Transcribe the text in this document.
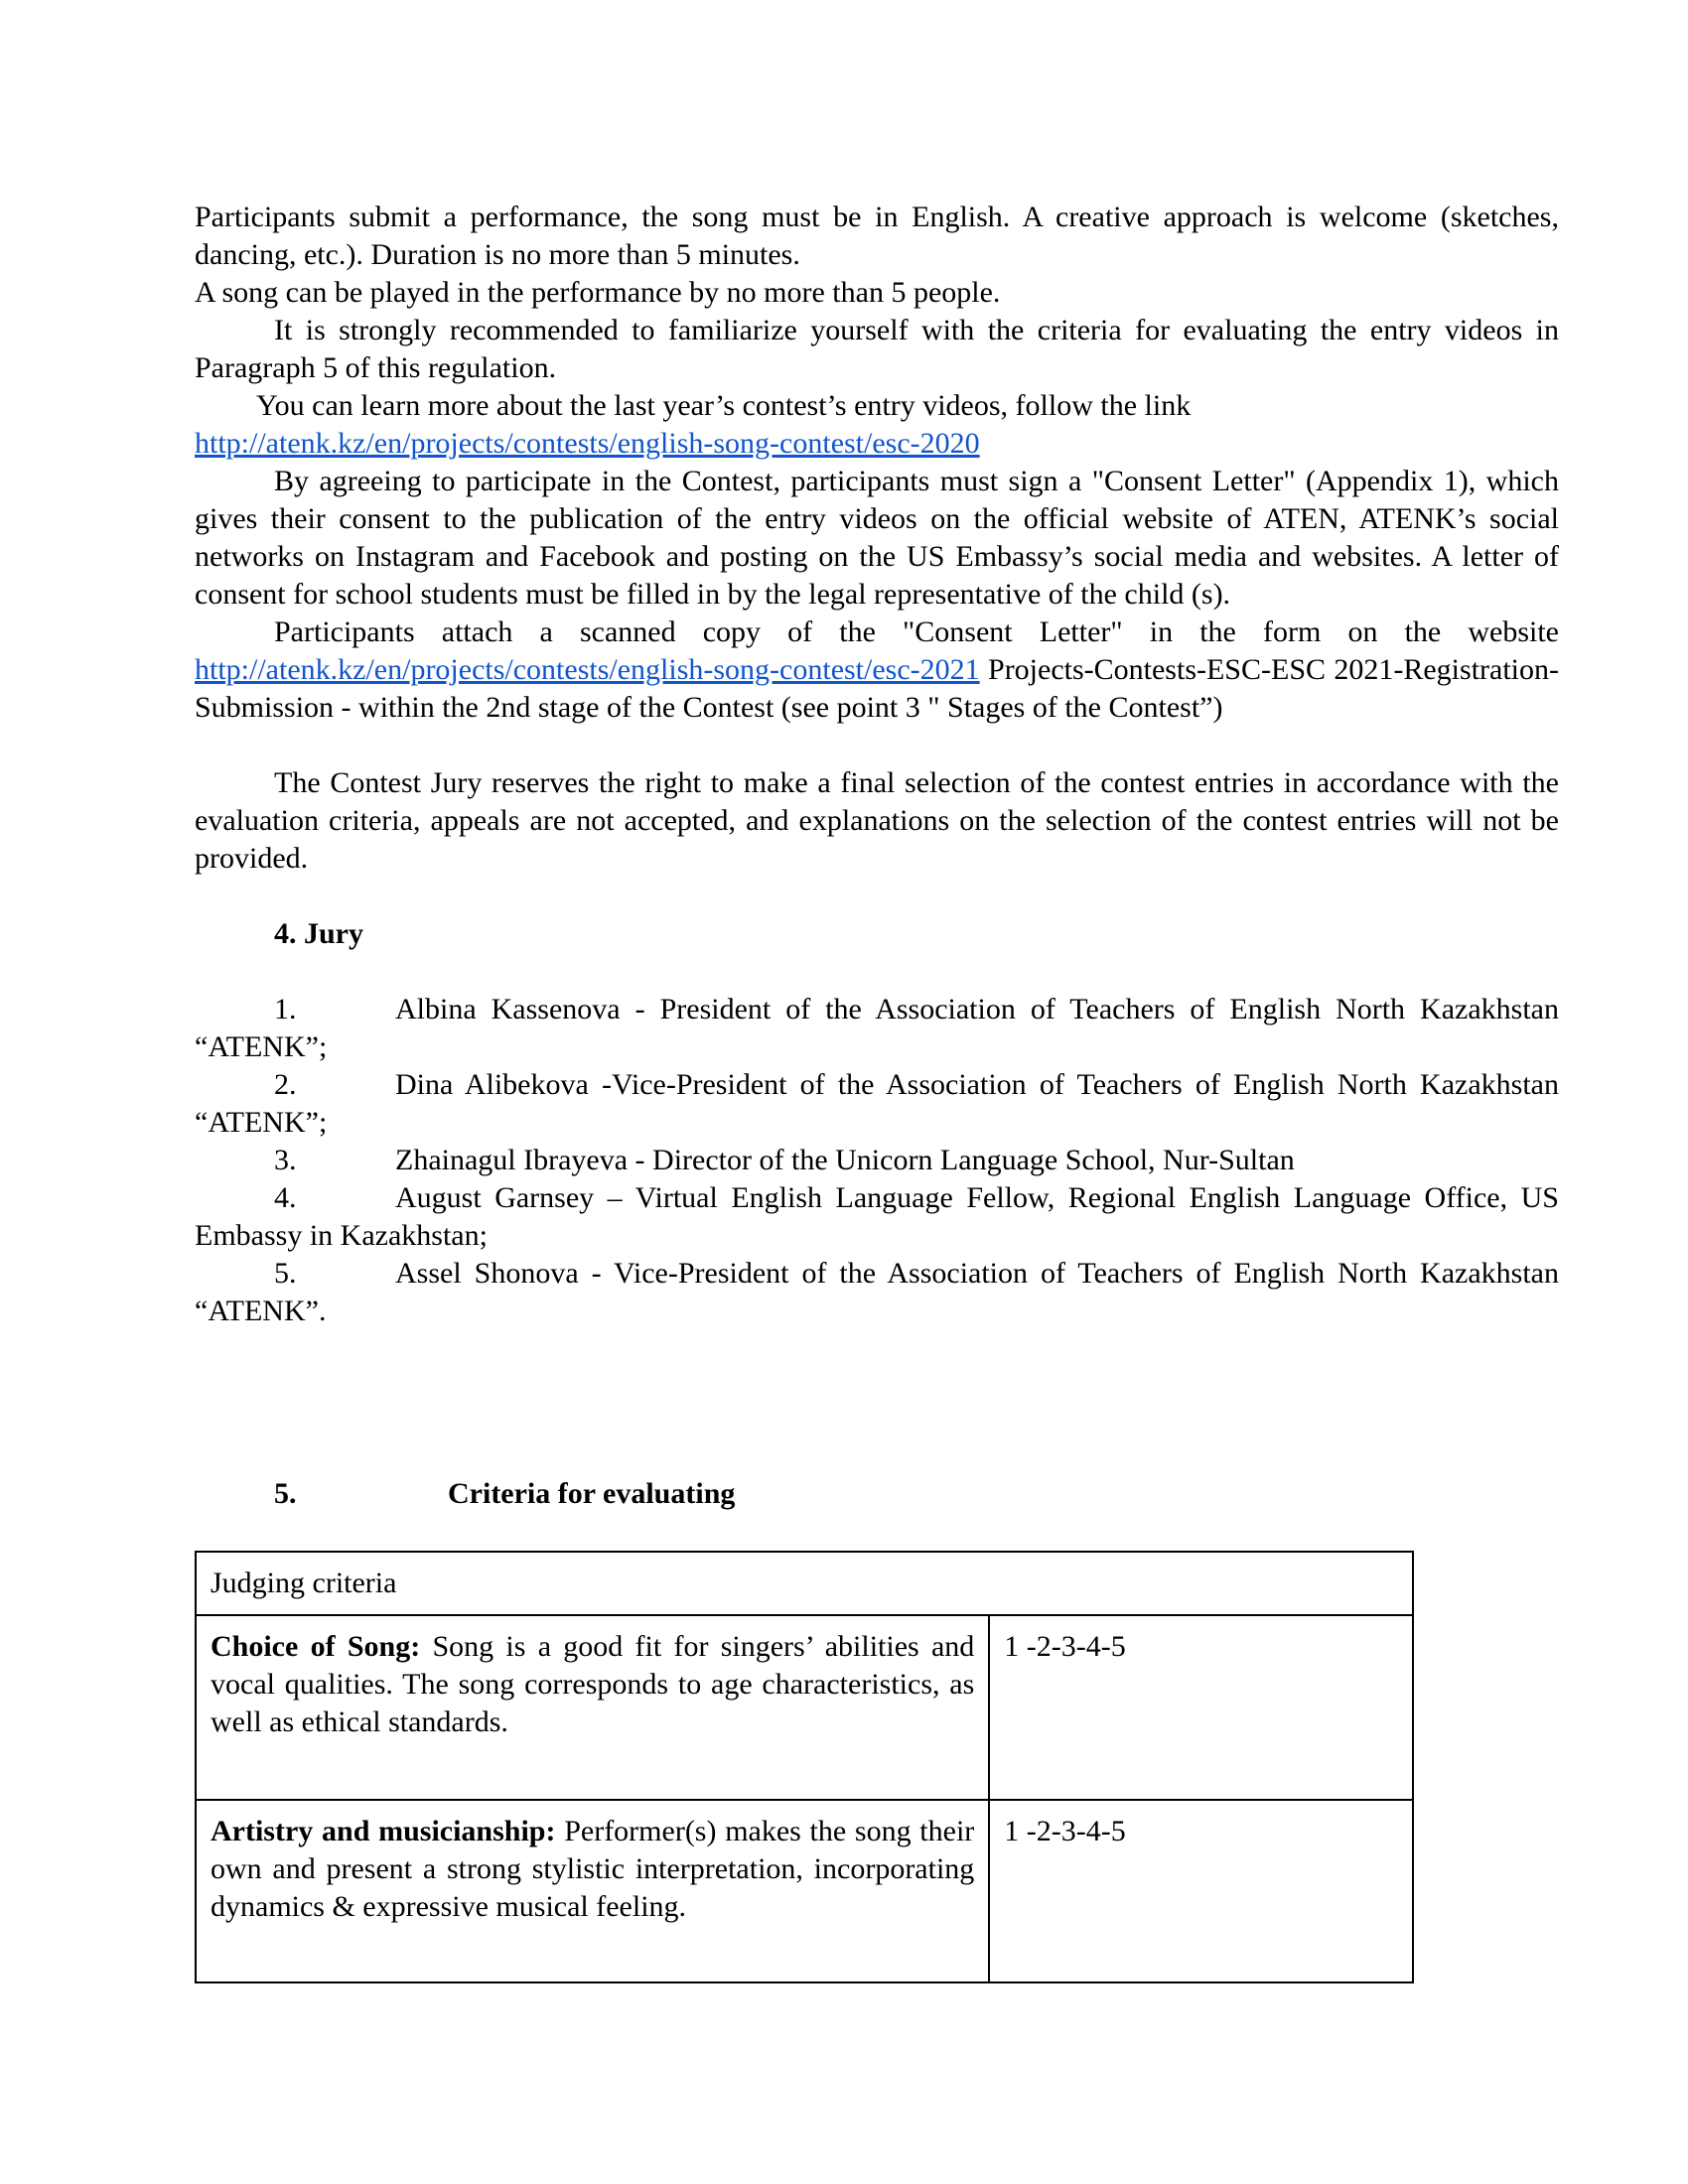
Participants submit a performance, the song must be in English. A creative approach is welcome (sketches, dancing, etc.). Duration is no more than 5 minutes.

A song can be played in the performance by no more than 5 people.

It is strongly recommended to familiarize yourself with the criteria for evaluating the entry videos in Paragraph 5 of this regulation.

You can learn more about the last year’s contest’s entry videos, follow the link

http://atenk.kz/en/projects/contests/english-song-contest/esc-2020

By agreeing to participate in the Contest, participants must sign a "Consent Letter" (Appendix 1), which gives their consent to the publication of the entry videos on the official website of ATEN, ATENK’s social networks on Instagram and Facebook and posting on the US Embassy’s social media and websites. A letter of consent for school students must be filled in by the legal representative of the child (s).

Participants attach a scanned copy of the "Consent Letter" in the form on the website http://atenk.kz/en/projects/contests/english-song-contest/esc-2021 Projects-Contests-ESC-ESC 2021-Registration-Submission - within the 2nd stage of the Contest (see point 3 " Stages of the Contest”)

The Contest Jury reserves the right to make a final selection of the contest entries in accordance with the evaluation criteria, appeals are not accepted, and explanations on the selection of the contest entries will not be provided.

4. Jury

1.	Albina Kassenova - President of the Association of Teachers of English North Kazakhstan “ATENK”;

2.	Dina Alibekova -Vice-President of the Association of Teachers of English North Kazakhstan “ATENK”;

3.	Zhainagul Ibrayeva - Director of the Unicorn Language School, Nur-Sultan

4.	August Garnsey – Virtual English Language Fellow, Regional English Language Office, US Embassy in Kazakhstan;

5.	Assel Shonova - Vice-President of the Association of Teachers of English North Kazakhstan “ATENK”.

5.	Criteria for evaluating

Judging criteria	
Choice of Song: Song is a good fit for singers’ abilities and vocal qualities. The song corresponds to age characteristics, as well as ethical standards.	1 -2-3-4-5
Artistry and musicianship: Performer(s) makes the song their own and present a strong stylistic interpretation, incorporating dynamics & expressive musical feeling.	1 -2-3-4-5
